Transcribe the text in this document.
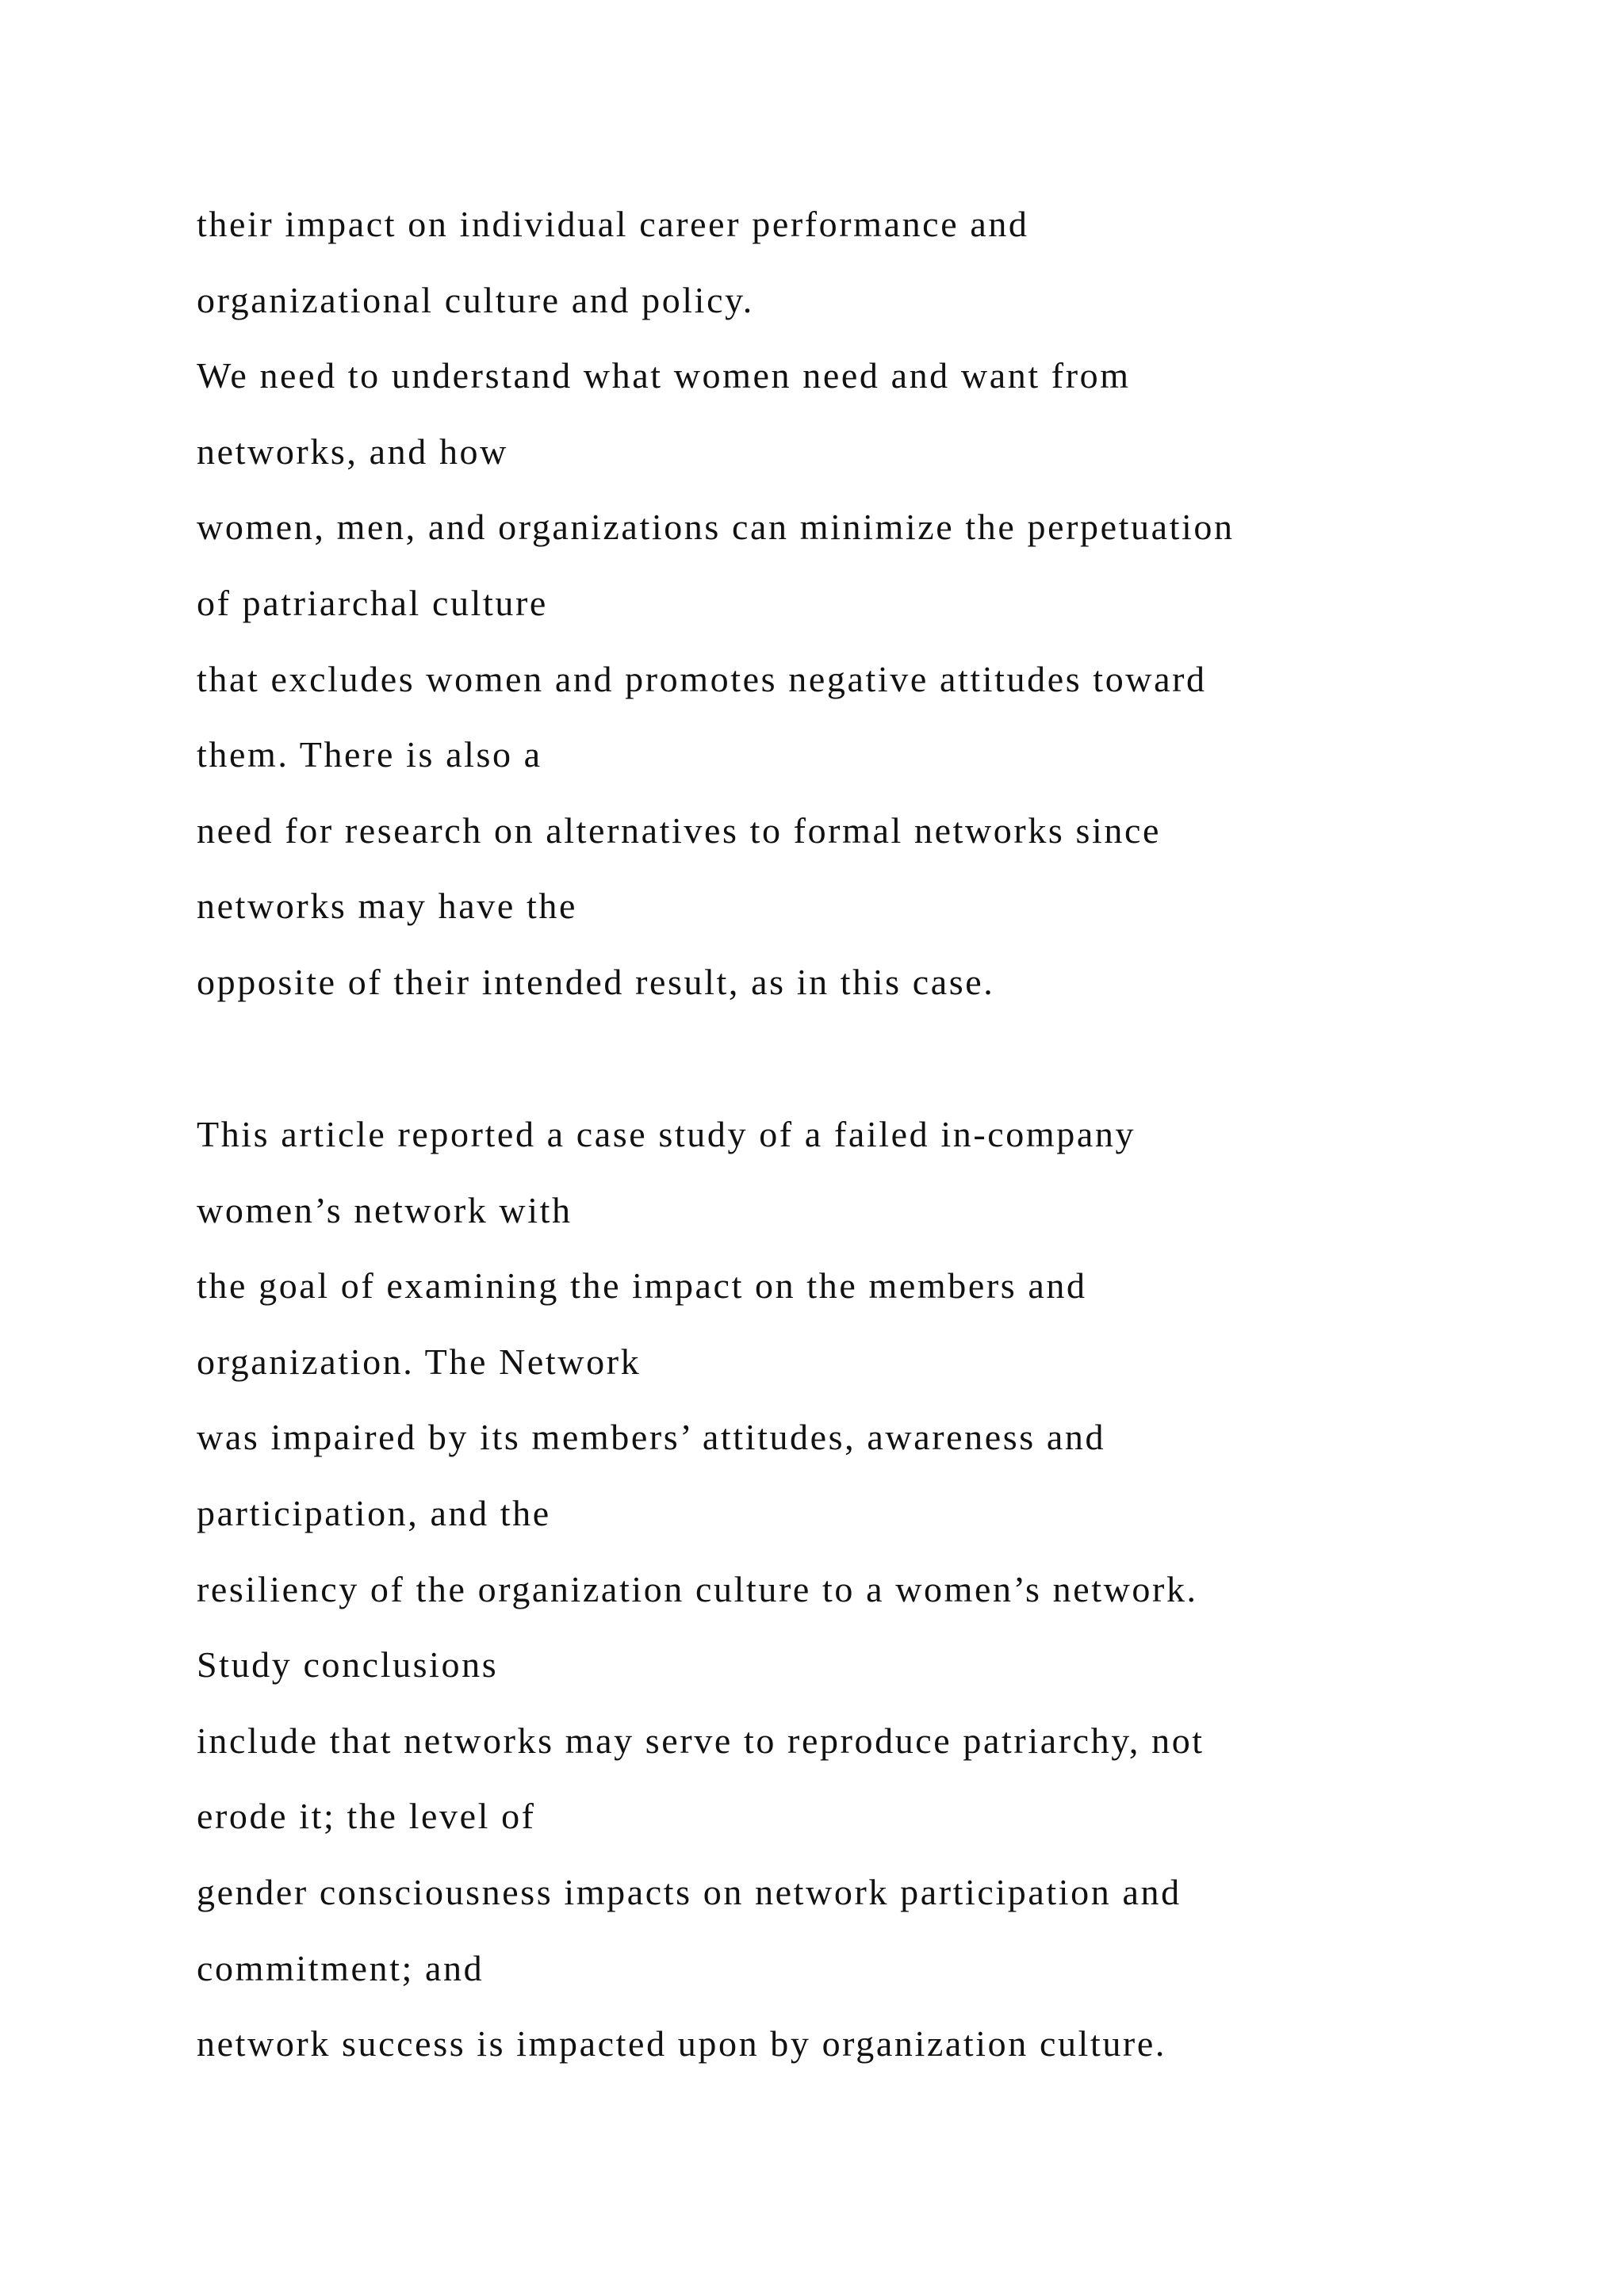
their impact on individual career performance and
organizational culture and policy.
We need to understand what women need and want from
networks, and how
women, men, and organizations can minimize the perpetuation
of patriarchal culture
that excludes women and promotes negative attitudes toward
them. There is also a
need for research on alternatives to formal networks since
networks may have the
opposite of their intended result, as in this case.
This article reported a case study of a failed in-company
women’s network with
the goal of examining the impact on the members and
organization. The Network
was impaired by its members’ attitudes, awareness and
participation, and the
resiliency of the organization culture to a women’s network.
Study conclusions
include that networks may serve to reproduce patriarchy, not
erode it; the level of
gender consciousness impacts on network participation and
commitment; and
network success is impacted upon by organization culture.
